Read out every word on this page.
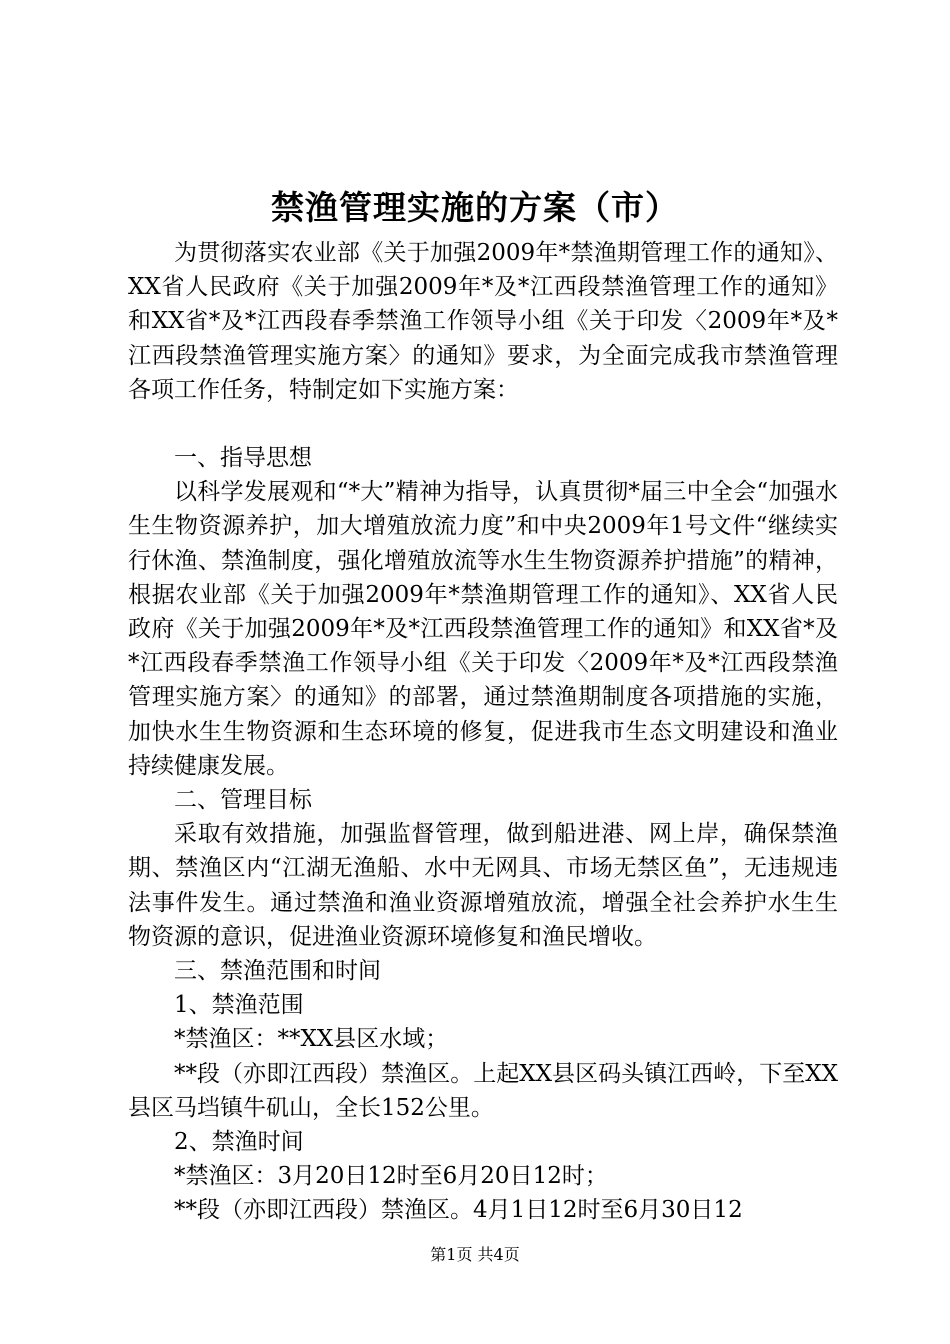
禁渔管理实施的方案（市）

为贯彻落实农业部《关于加强2009年*禁渔期管理工作的通知》、XX省人民政府《关于加强2009年*及*江西段禁渔管理工作的通知》和XX省*及*江西段春季禁渔工作领导小组《关于印发〈2009年*及*江西段禁渔管理实施方案〉的通知》要求，为全面完成我市禁渔管理各项工作任务，特制定如下实施方案：

一、指导思想

以科学发展观和“*大”精神为指导，认真贯彻*届三中全会“加强水生生物资源养护，加大增殖放流力度”和中央2009年1号文件“继续实行休渔、禁渔制度，强化增殖放流等水生生物资源养护措施”的精神，根据农业部《关于加强2009年*禁渔期管理工作的通知》、XX省人民政府《关于加强2009年*及*江西段禁渔管理工作的通知》和XX省*及*江西段春季禁渔工作领导小组《关于印发〈2009年*及*江西段禁渔管理实施方案〉的通知》的部署，通过禁渔期制度各项措施的实施，加快水生生物资源和生态环境的修复，促进我市生态文明建设和渔业持续健康发展。

二、管理目标

采取有效措施，加强监督管理，做到船进港、网上岸，确保禁渔期、禁渔区内“江湖无渔船、水中无网具、市场无禁区鱼”，无违规违法事件发生。通过禁渔和渔业资源增殖放流，增强全社会养护水生生物资源的意识，促进渔业资源环境修复和渔民增收。

三、禁渔范围和时间

1、禁渔范围

*禁渔区：**XX县区水域；

**段（亦即江西段）禁渔区。上起XX县区码头镇江西岭，下至XX县区马垱镇牛矶山，全长152公里。

2、禁渔时间

*禁渔区：3月20日12时至6月20日12时；

**段（亦即江西段）禁渔区。4月1日12时至6月30日12

第1页 共4页
